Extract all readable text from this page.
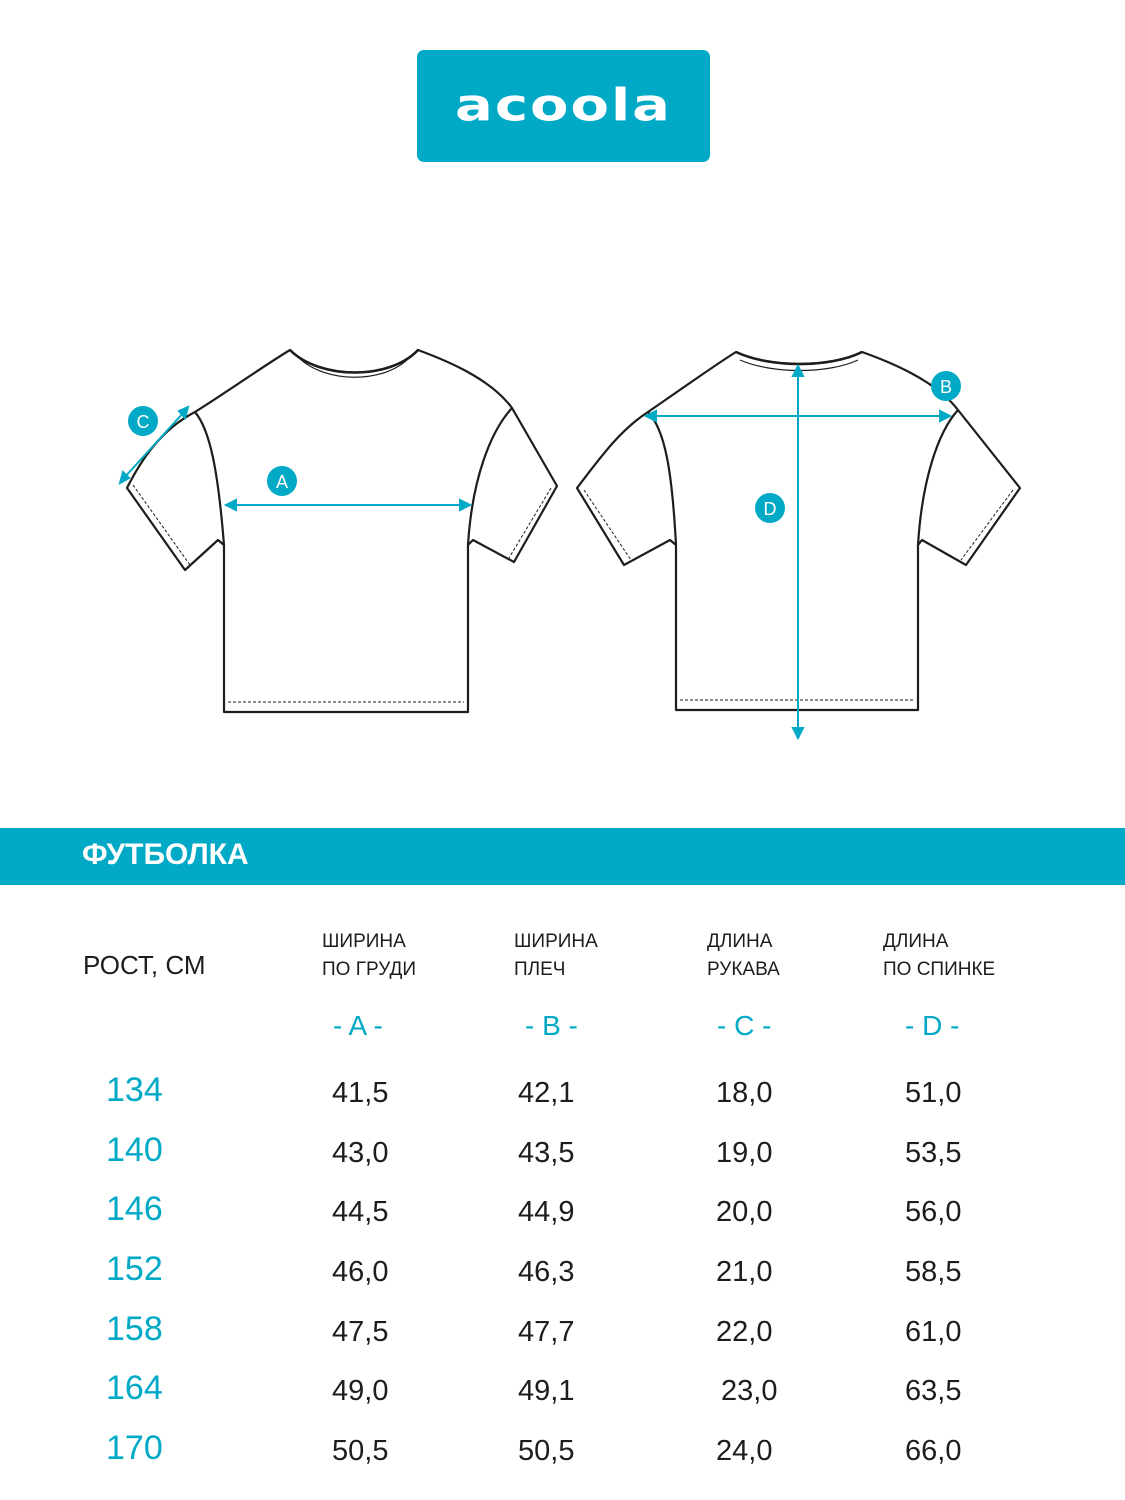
acoola
A
B
C
D
ФУТБОЛКА
РОСТ, СМ
ШИРИНА
ПО ГРУДИ
ШИРИНА
ПЛЕЧ
ДЛИНА
РУКАВА
ДЛИНА
ПО СПИНКЕ
- A -	- B -	- C -	- D -
134	41,5	42,1	18,0	51,0
140	43,0	43,5	19,0	53,5
146	44,5	44,9	20,0	56,0
152	46,0	46,3	21,0	58,5
158	47,5	47,7	22,0	61,0
164	49,0	49,1	23,0	63,5
170	50,5	50,5	24,0	66,0
